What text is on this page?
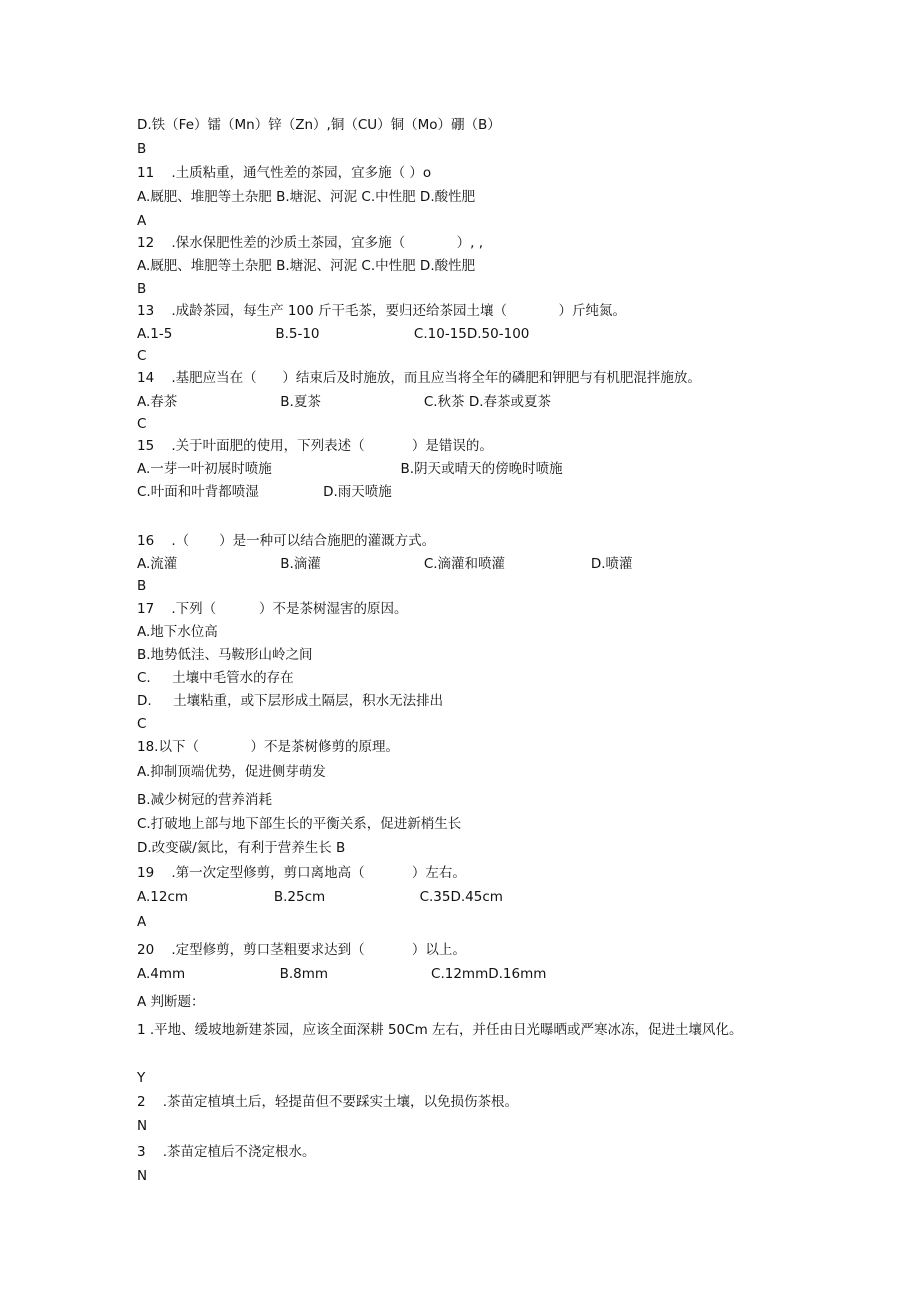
D.铁（Fe）镭（Mn）锌（Zn）,铜（CU）铜（Mo）硼（B）
B
11    .土质粘重，通气性差的茶园，宜多施（ ）o
A.厩肥、堆肥等土杂肥 B.塘泥、河泥 C.中性肥 D.酸性肥
A
12    .保水保肥性差的沙质土茶园，宜多施（            ）, ,
A.厩肥、堆肥等土杂肥 B.塘泥、河泥 C.中性肥 D.酸性肥
B
13    .成龄茶园，每生产 100 斤干毛茶，要归还给茶园土壤（            ）斤纯氮。
A.1-5                        B.5-10                      C.10-15D.50-100
C
14    .基肥应当在（      ）结束后及时施放，而且应当将全年的磷肥和钾肥与有机肥混拌施放。
A.春茶                        B.夏茶                        C.秋茶 D.春茶或夏茶
C
15    .关于叶面肥的使用，下列表述（           ）是错误的。
A.一芽一叶初展时喷施                              B.阴天或晴天的傍晚时喷施
C.叶面和叶背都喷湿               D.雨天喷施
16    .（       ）是一种可以结合施肥的灌溉方式。
A.流灌                        B.滴灌                        C.滴灌和喷灌                    D.喷灌
B
17    .下列（          ）不是茶树湿害的原因。
A.地下水位高
B.地势低洼、马鞍形山岭之间
C.     土壤中毛管水的存在
D.     土壤粘重，或下层形成土隔层，积水无法排出
C
18.以下（            ）不是茶树修剪的原理。
A.抑制顶端优势，促进侧芽萌发
B.减少树冠的营养消耗
C.打破地上部与地下部生长的平衡关系，促进新梢生长
D.改变碳/氮比，有利于营养生长 B
19    .第一次定型修剪，剪口离地高（           ）左右。
A.12cm                    B.25cm                      C.35D.45cm
A
20    .定型修剪，剪口茎粗要求达到（           ）以上。
A.4mm                      B.8mm                        C.12mmD.16mm
A 判断题：
1 .平地、缓坡地新建茶园，应该全面深耕 50Cm 左右，并任由日光曝晒或严寒冰冻，促进土壤风化。
Y
2    .茶苗定植填土后，轻提苗但不要踩实土壤，以免损伤茶根。
N
3    .茶苗定植后不浇定根水。
N
